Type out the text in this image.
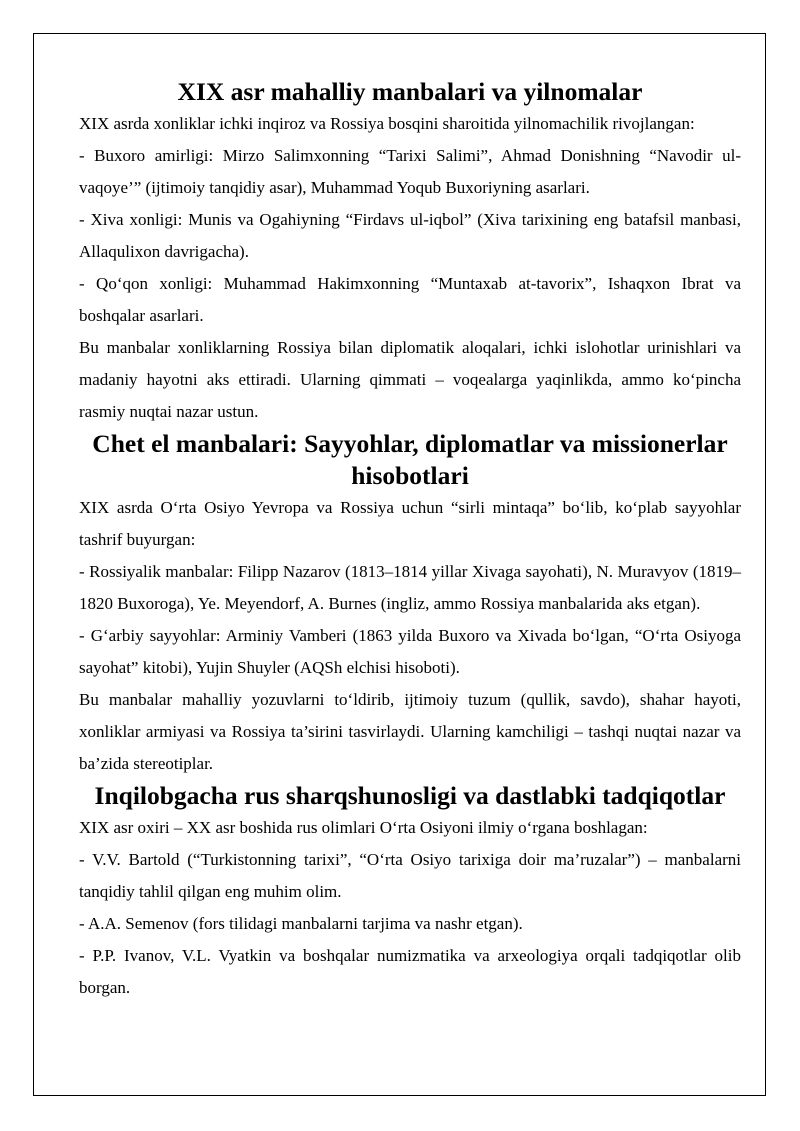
XIX asr mahalliy manbalari va yilnomalar

XIX asrda xonliklar ichki inqiroz va Rossiya bosqini sharoitida yilnomachilik rivojlangan:

- Buxoro amirligi: Mirzo Salimxonning “Tarixi Salimi”, Ahmad Donishning “Navodir ul-vaqoye’” (ijtimoiy tanqidiy asar), Muhammad Yoqub Buxoriyning asarlari.

- Xiva xonligi: Munis va Ogahiyning “Firdavs ul-iqbol” (Xiva tarixining eng batafsil manbasi, Allaqulixon davrigacha).

- Qo‘qon xonligi: Muhammad Hakimxonning “Muntaxab at-tavorix”, Ishaqxon Ibrat va boshqalar asarlari.

Bu manbalar xonliklarning Rossiya bilan diplomatik aloqalari, ichki islohotlar urinishlari va madaniy hayotni aks ettiradi. Ularning qimmati – voqealarga yaqinlikda, ammo ko‘pincha rasmiy nuqtai nazar ustun.

Chet el manbalari: Sayyohlar, diplomatlar va missionerlar hisobotlari

XIX asrda O‘rta Osiyo Yevropa va Rossiya uchun “sirli mintaqa” bo‘lib, ko‘plab sayyohlar tashrif buyurgan:

- Rossiyalik manbalar: Filipp Nazarov (1813–1814 yillar Xivaga sayohati), N. Muravyov (1819–1820 Buxoroga), Ye. Meyendorf, A. Burnes (ingliz, ammo Rossiya manbalarida aks etgan).

- G‘arbiy sayyohlar: Arminiy Vamberi (1863 yilda Buxoro va Xivada bo‘lgan, “O‘rta Osiyoga sayohat” kitobi), Yujin Shuyler (AQSh elchisi hisoboti).

Bu manbalar mahalliy yozuvlarni to‘ldirib, ijtimoiy tuzum (qullik, savdo), shahar hayoti, xonliklar armiyasi va Rossiya ta’sirini tasvirlaydi. Ularning kamchiligi – tashqi nuqtai nazar va ba’zida stereotiplar.

Inqilobgacha rus sharqshunosligi va dastlabki tadqiqotlar

XIX asr oxiri – XX asr boshida rus olimlari O‘rta Osiyoni ilmiy o‘rgana boshlagan:

- V.V. Bartold (“Turkistonning tarixi”, “O‘rta Osiyo tarixiga doir ma’ruzalar”) – manbalarni tanqidiy tahlil qilgan eng muhim olim.

- A.A. Semenov (fors tilidagi manbalarni tarjima va nashr etgan).

- P.P. Ivanov, V.L. Vyatkin va boshqalar numizmatika va arxeologiya orqali tadqiqotlar olib borgan.
